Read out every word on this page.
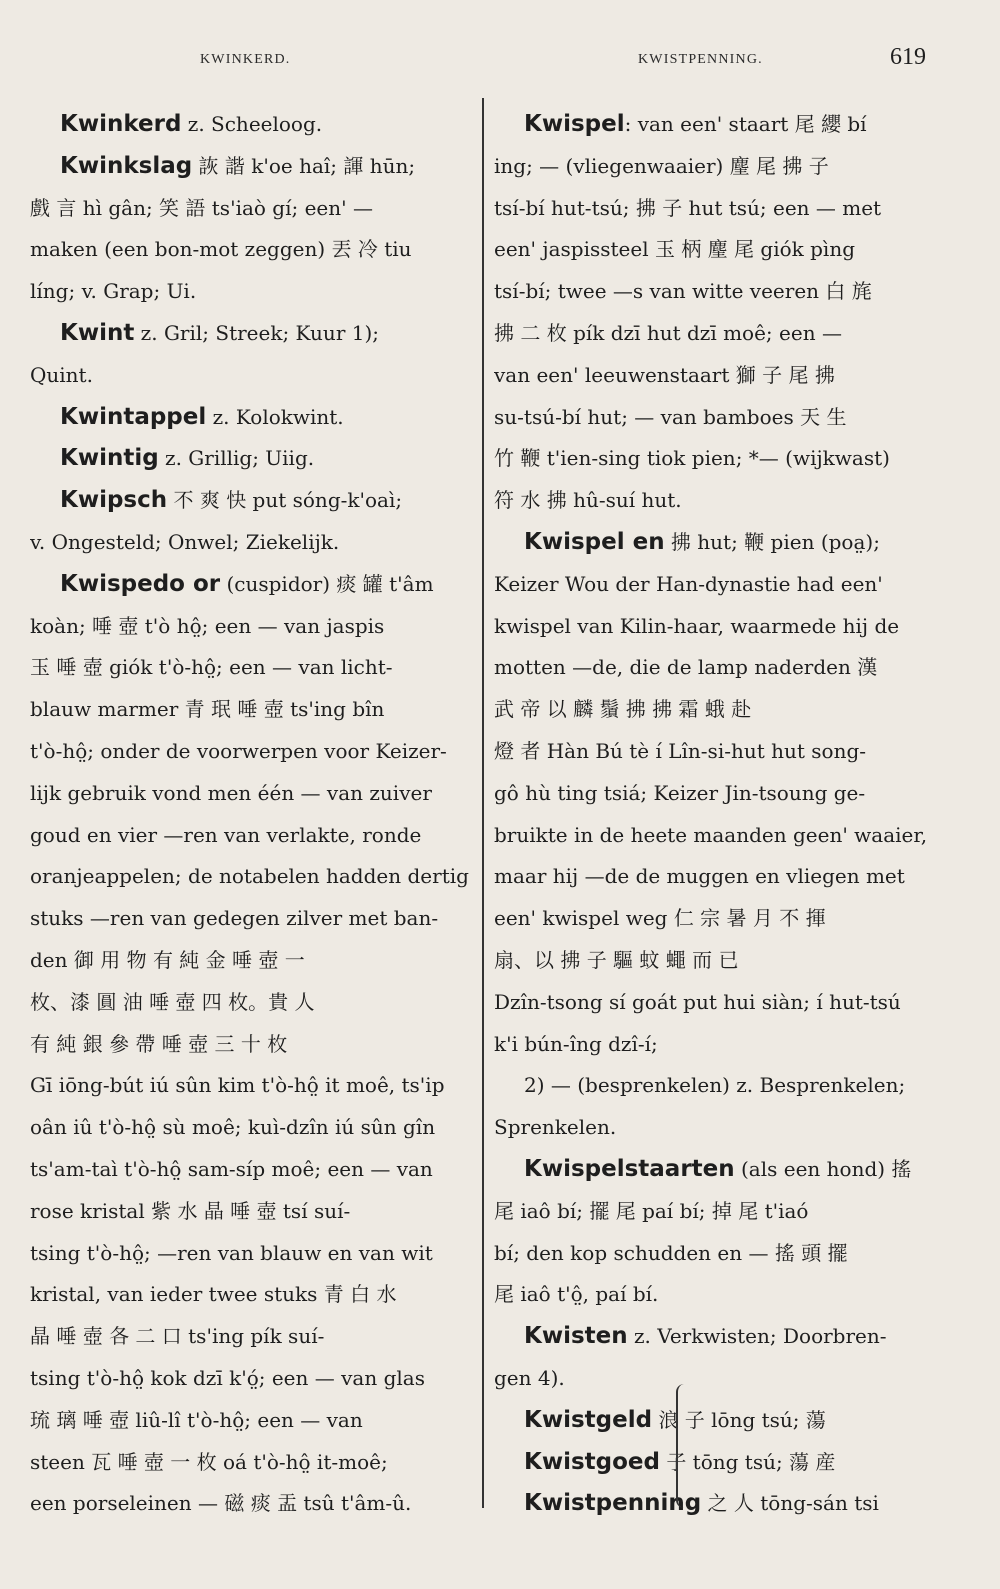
KWINKERD.	KWISTPENNING.	619
Kwinkerd z. Scheeloog.
Kwinkslag 詼 諧 k'oe haî; 諢 hūn;
戲 言 hì gân; 笑 語 ts'iaò gí; een' —
maken (een bon-mot zeggen) 丟 冷 tiu
líng; v. Grap; Ui.
Kwint z. Gril; Streek; Kuur 1);
Quint.
Kwintappel z. Kolokwint.
Kwintig z. Grillig; Uiig.
Kwipsch 不 爽 快 put sóng-k'oaì;
v. Ongesteld; Onwel; Ziekelijk.
Kwispedo or (cuspidor) 痰 罐 t'âm
koàn; 唾 壺 t'ò hô̤; een — van jaspis
玉 唾 壺 giók t'ò-hô̤; een — van licht-
blauw marmer 青 珉 唾 壺 ts'ing bîn
t'ò-hô̤; onder de voorwerpen voor Keizer-
lijk gebruik vond men één — van zuiver
goud en vier —ren van verlakte, ronde
oranjeappelen; de notabelen hadden dertig
stuks —ren van gedegen zilver met ban-
den 御 用 物 有 純 金 唾 壺 一
枚、漆 圓 油 唾 壺 四 枚。貴 人
有 純 銀 參 帶 唾 壺 三 十 枚
Gī iōng-bút iú sûn kim t'ò-hô̤ it moê, ts'ip
oân iû t'ò-hô̤ sù moê; kuì-dzîn iú sûn gîn
ts'am-taì t'ò-hô̤ sam-síp moê; een — van
rose kristal 紫 水 晶 唾 壺 tsí suí-
tsing t'ò-hô̤; —ren van blauw en van wit
kristal, van ieder twee stuks 青 白 水
晶 唾 壺 各 二 口 ts'ing pík suí-
tsing t'ò-hô̤ kok dzī k'ó̤; een — van glas
琉 璃 唾 壺 liû-lî t'ò-hô̤; een — van
steen 瓦 唾 壺 一 枚 oá t'ò-hô̤ it-moê;
een porseleinen — 磁 痰 盂 tsû t'âm-û.
Kwispel: van een' staart 尾 纓 bí
ing; — (vliegenwaaier) 麈 尾 拂 子
tsí-bí hut-tsú; 拂 子 hut tsú; een — met
een' jaspissteel 玉 柄 麈 尾 giók pìng
tsí-bí; twee —s van witte veeren 白 旄
拂 二 枚 pík dzī hut dzī moê; een —
van een' leeuwenstaart 獅 子 尾 拂
su-tsú-bí hut; — van bamboes 天 生
竹 鞭 t'ien-sing tiok pien; *— (wijkwast)
符 水 拂 hû-suí hut.
Kwispel en 拂 hut; 鞭 pien (poa̤);
Keizer Wou der Han-dynastie had een'
kwispel van Kilin-haar, waarmede hij de
motten —de, die de lamp naderden 漢
武 帝 以 麟 鬚 拂 拂 霜 蛾 赴
燈 者 Hàn Bú tè í Lîn-si-hut hut song-
gô hù ting tsiá; Keizer Jin-tsoung ge-
bruikte in de heete maanden geen' waaier,
maar hij —de de muggen en vliegen met
een' kwispel weg 仁 宗 暑 月 不 揮
扇、以 拂 子 驅 蚊 蠅 而 已
Dzîn-tsong sí goát put hui siàn; í hut-tsú
k'i bún-îng dzî-í;
2) — (besprenkelen) z. Besprenkelen;
Sprenkelen.
Kwispelstaarten (als een hond) 搖
尾 iaô bí; 擺 尾 paí bí; 掉 尾 t'iaó
bí; den kop schudden en — 搖 頭 擺
尾 iaô t'ô̤, paí bí.
Kwisten z. Verkwisten; Doorbren-
gen 4).
Kwistgeld 浪 子 lōng tsú; 蕩
Kwistgoed 子 tōng tsú; 蕩 産
Kwistpenning 之 人 tōng-sán tsi
